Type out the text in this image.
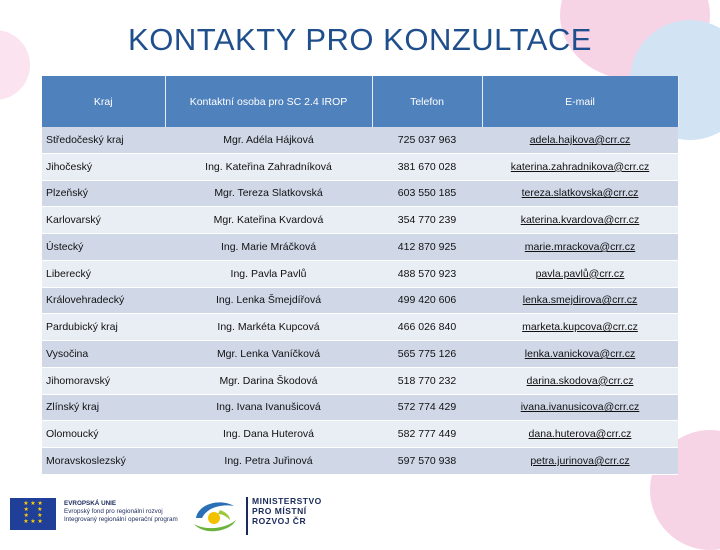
KONTAKTY PRO KONZULTACE
Kraj	Kontaktní osoba pro SC 2.4 IROP	Telefon	E-mail
Středočeský kraj	Mgr. Adéla Hájková	725 037 963	adela.hajkova@crr.cz
Jihočeský	Ing. Kateřina Zahradníková	381 670 028	katerina.zahradnikova@crr.cz
Plzeňský	Mgr. Tereza Slatkovská	603 550 185	tereza.slatkovska@crr.cz
Karlovarský	Mgr. Kateřina Kvardová	354 770 239	katerina.kvardova@crr.cz
Ústecký	Ing. Marie Mráčková	412 870 925	marie.mrackova@crr.cz
Liberecký	Ing. Pavla Pavlů	488 570 923	pavla.pavlů@crr.cz
Královehradecký	Ing. Lenka Šmejdířová	499 420 606	lenka.smejdirova@crr.cz
Pardubický kraj	Ing. Markéta Kupcová	466 026 840	marketa.kupcova@crr.cz
Vysočina	Mgr. Lenka Vaníčková	565 775 126	lenka.vanickova@crr.cz
Jihomoravský	Mgr. Darina Škodová	518 770 232	darina.skodova@crr.cz
Zlínský kraj	Ing. Ivana Ivanušicová	572 774 429	ivana.ivanusicova@crr.cz
Olomoucký	Ing. Dana Huterová	582 777 449	dana.huterova@crr.cz
Moravskoslezský	Ing. Petra Juřinová	597 570 938	petra.jurinova@crr.cz
★ ★ ★
★     ★
★     ★
★ ★ ★
EVROPSKÁ UNIE
Evropský fond pro regionální rozvoj
Integrovaný regionální operační program
MINISTERSTVO
PRO MÍSTNÍ
ROZVOJ ČR
